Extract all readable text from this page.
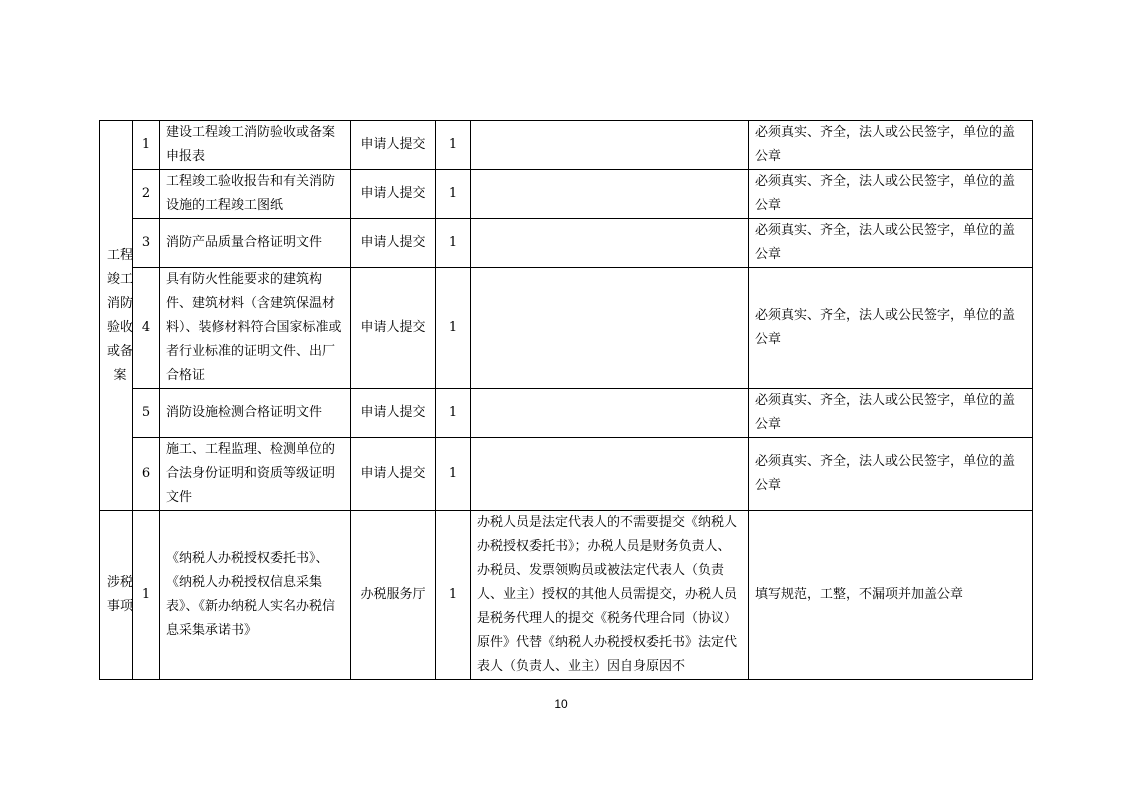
工程竣工消防验收或备案	1	建设工程竣工消防验收或备案申报表	申请人提交	1		必须真实、齐全，法人或公民签字，单位的盖公章
	2	工程竣工验收报告和有关消防设施的工程竣工图纸	申请人提交	1		必须真实、齐全，法人或公民签字，单位的盖公章
	3	消防产品质量合格证明文件	申请人提交	1		必须真实、齐全，法人或公民签字，单位的盖公章
	4	具有防火性能要求的建筑构件、建筑材料（含建筑保温材料）、装修材料符合国家标准或者行业标准的证明文件、出厂合格证	申请人提交	1		必须真实、齐全，法人或公民签字，单位的盖公章
	5	消防设施检测合格证明文件	申请人提交	1		必须真实、齐全，法人或公民签字，单位的盖公章
	6	施工、工程监理、检测单位的合法身份证明和资质等级证明文件	申请人提交	1		必须真实、齐全，法人或公民签字，单位的盖公章

涉税事项	1	《纳税人办税授权委托书》、《纳税人办税授权信息采集表》、《新办纳税人实名办税信息采集承诺书》	办税服务厅	1	办税人员是法定代表人的不需要提交《纳税人办税授权委托书》；办税人员是财务负责人、办税员、发票领购员或被法定代表人（负责人、业主）授权的其他人员需提交，办税人员是税务代理人的提交《税务代理合同（协议）原件》代替《纳税人办税授权委托书》法定代表人（负责人、业主）因自身原因不	填写规范，工整，不漏项并加盖公章
10
